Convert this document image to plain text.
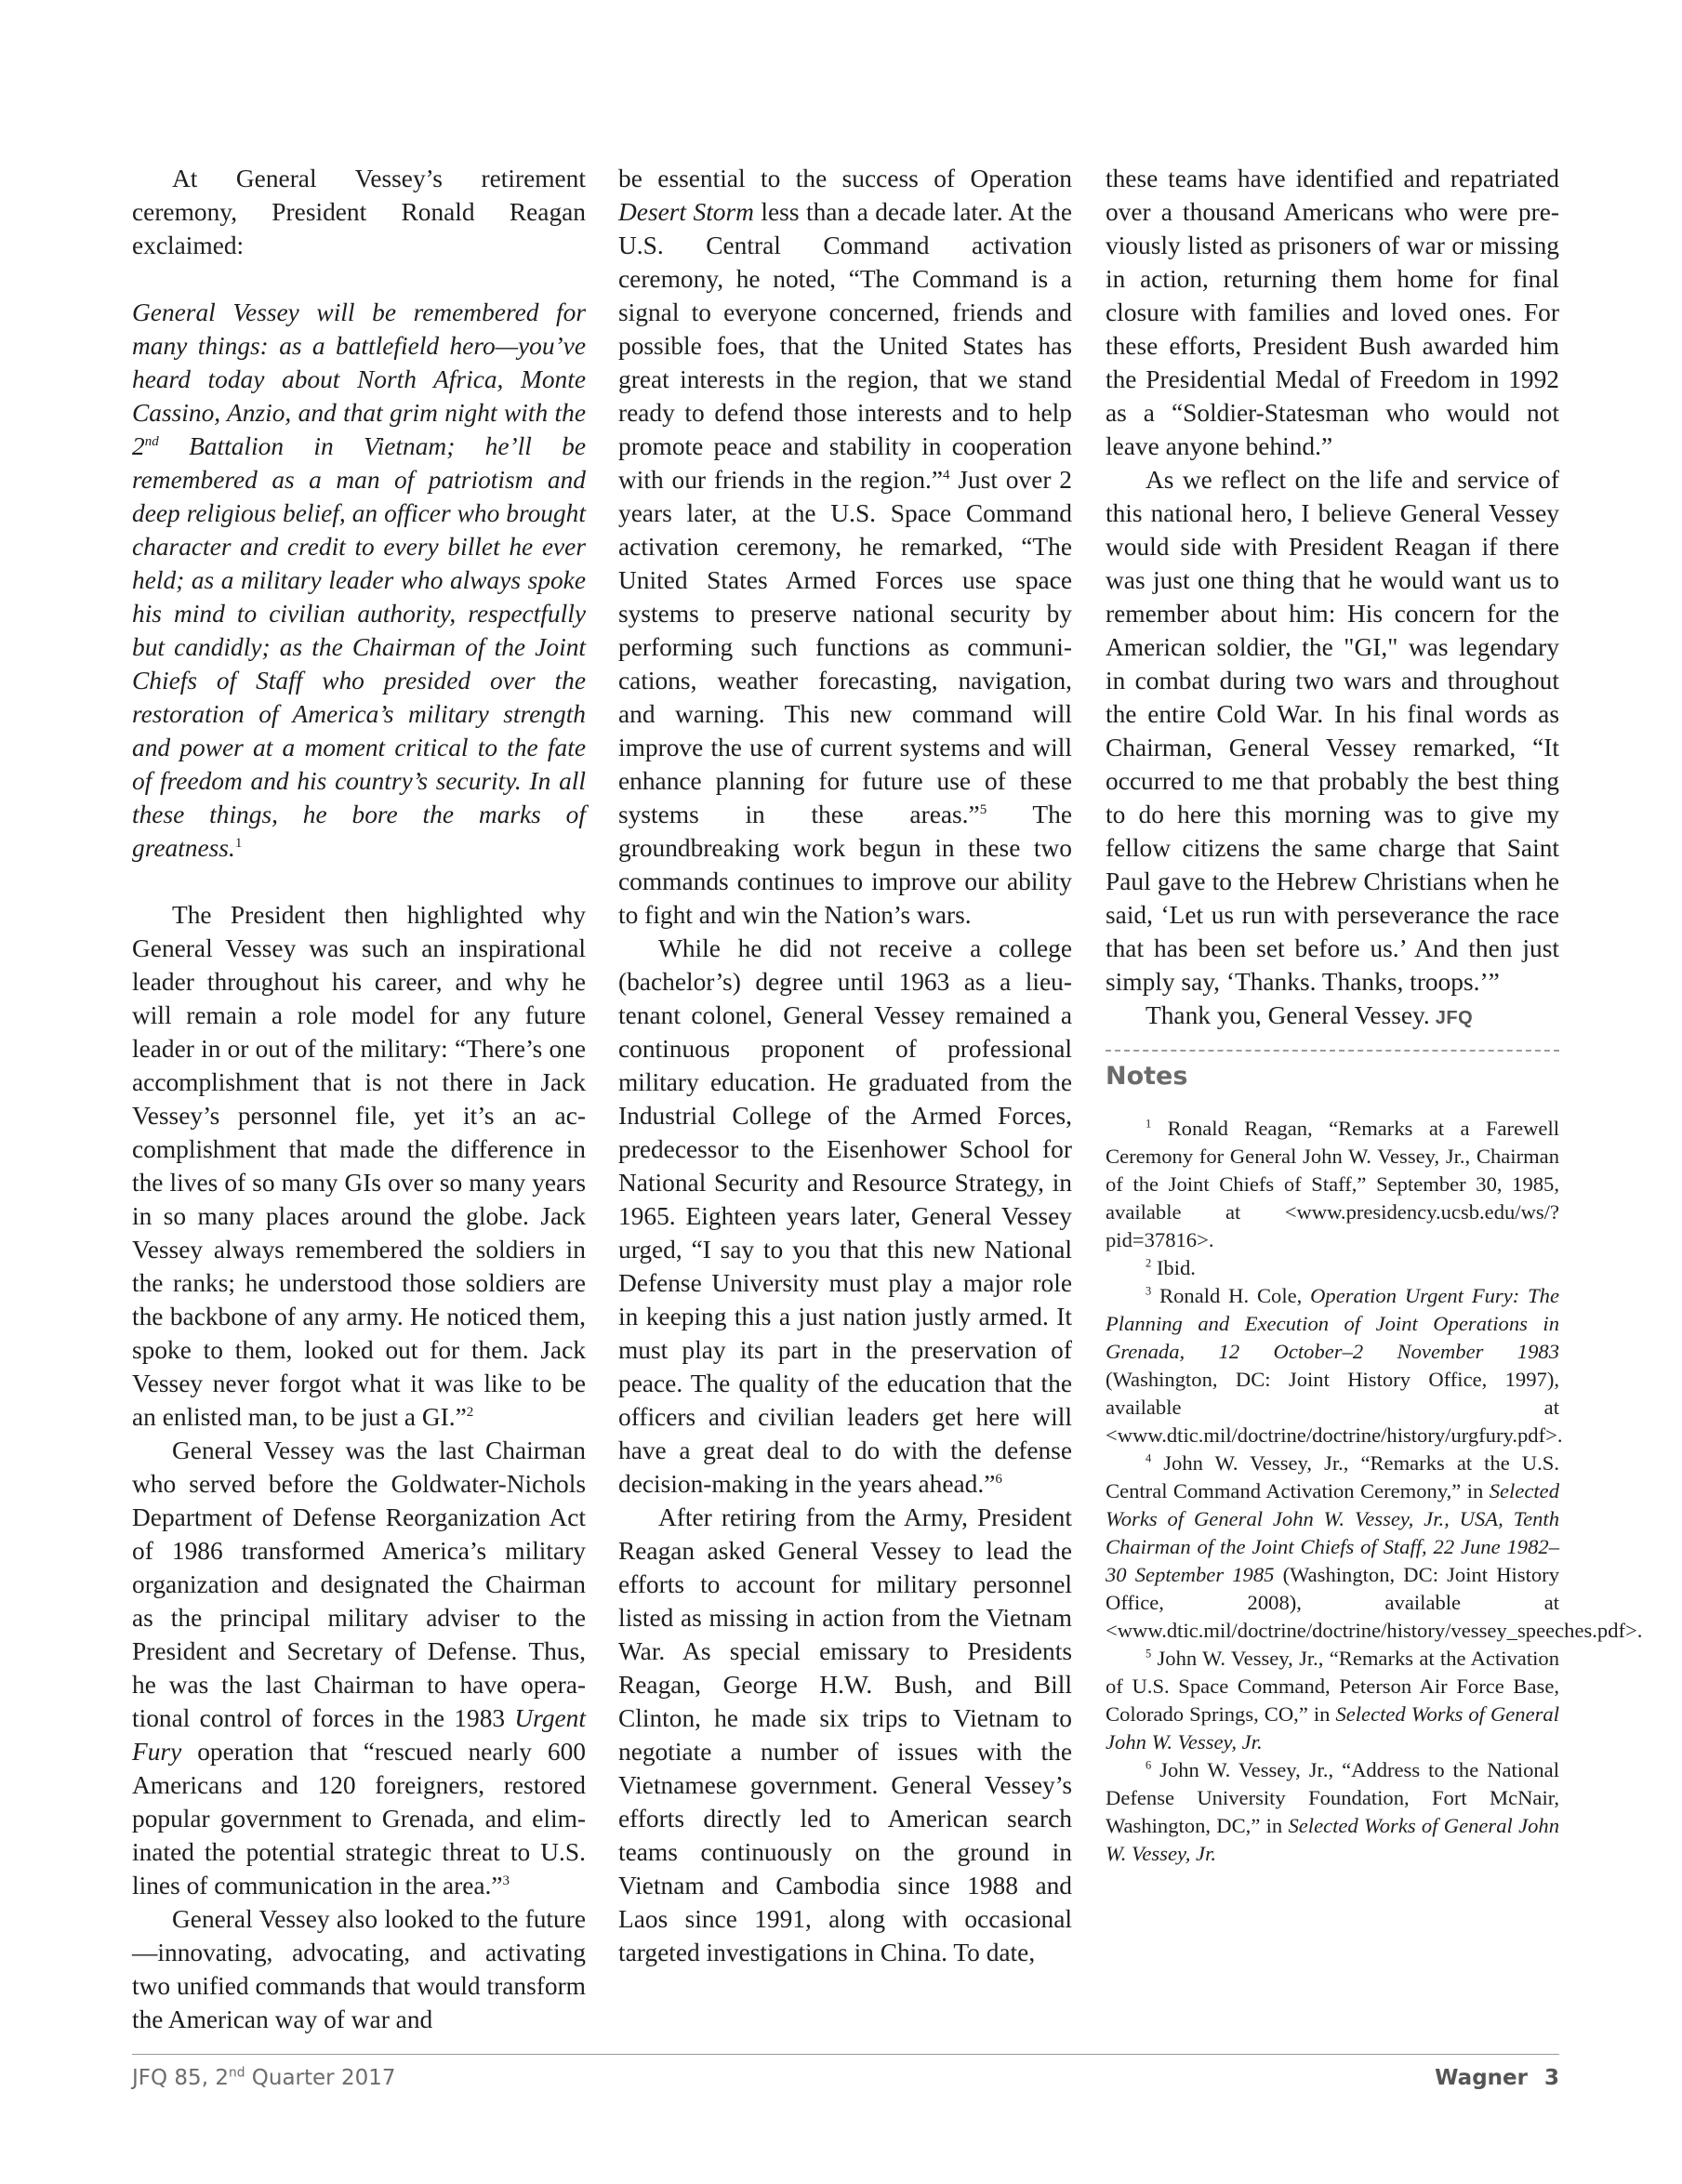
At General Vessey’s retirement ceremony, President Ronald Reagan exclaimed:

General Vessey will be remembered for many things: as a battlefield hero—you’ve heard today about North Africa, Monte Cassino, Anzio, and that grim night with the 2nd Battalion in Vietnam; he’ll be remembered as a man of patriotism and deep religious belief, an officer who brought character and credit to every billet he ever held; as a military leader who always spoke his mind to civilian authority, respectfully but candidly; as the Chairman of the Joint Chiefs of Staff who presided over the restoration of America’s military strength and power at a moment critical to the fate of freedom and his country’s security. In all these things, he bore the marks of greatness.$^1$

The President then highlighted why General Vessey was such an inspirational leader throughout his career, and why he will remain a role model for any future leader in or out of the military: “There’s one accomplishment that is not there in Jack Vessey’s personnel file, yet it’s an accomplishment that made the difference in the lives of so many GIs over so many years in so many places around the globe. Jack Vessey always remembered the soldiers in the ranks; he understood those soldiers are the backbone of any army. He noticed them, spoke to them, looked out for them. Jack Vessey never forgot what it was like to be an enlisted man, to be just a GI.”$^2$

General Vessey was the last Chairman who served before the Goldwater-Nichols Department of Defense Reorganization Act of 1986 transformed America’s military organization and designated the Chairman as the principal military adviser to the President and Secretary of Defense. Thus, he was the last Chairman to have operational control of forces in the 1983 Urgent Fury operation that “rescued nearly 600 Americans and 120 foreigners, restored popular government to Grenada, and eliminated the potential strategic threat to U.S. lines of communication in the area.”$^3$

General Vessey also looked to the future—innovating, advocating, and activating two unified commands that would transform the American way of war and

be essential to the success of Operation Desert Storm less than a decade later. At the U.S. Central Command activation ceremony, he noted, “The Command is a signal to everyone concerned, friends and possible foes, that the United States has great interests in the region, that we stand ready to defend those interests and to help promote peace and stability in cooperation with our friends in the region.”$^4$ Just over 2 years later, at the U.S. Space Command activation ceremony, he remarked, “The United States Armed Forces use space systems to preserve national security by performing such functions as communications, weather forecasting, navigation, and warning. This new command will improve the use of current systems and will enhance planning for future use of these systems in these areas.”$^5$ The groundbreaking work begun in these two commands continues to improve our ability to fight and win the Nation’s wars.

While he did not receive a college (bachelor’s) degree until 1963 as a lieutenant colonel, General Vessey remained a continuous proponent of professional military education. He graduated from the Industrial College of the Armed Forces, predecessor to the Eisenhower School for National Security and Resource Strategy, in 1965. Eighteen years later, General Vessey urged, “I say to you that this new National Defense University must play a major role in keeping this a just nation justly armed. It must play its part in the preservation of peace. The quality of the education that the officers and civilian leaders get here will have a great deal to do with the defense decision-making in the years ahead.”$^6$

After retiring from the Army, President Reagan asked General Vessey to lead the efforts to account for military personnel listed as missing in action from the Vietnam War. As special emissary to Presidents Reagan, George H.W. Bush, and Bill Clinton, he made six trips to Vietnam to negotiate a number of issues with the Vietnamese government. General Vessey’s efforts directly led to American search teams continuously on the ground in Vietnam and Cambodia since 1988 and Laos since 1991, along with occasional targeted investigations in China. To date,

these teams have identified and repatriated over a thousand Americans who were previously listed as prisoners of war or missing in action, returning them home for final closure with families and loved ones. For these efforts, President Bush awarded him the Presidential Medal of Freedom in 1992 as a “Soldier-Statesman who would not leave anyone behind.”

As we reflect on the life and service of this national hero, I believe General Vessey would side with President Reagan if there was just one thing that he would want us to remember about him: His concern for the American soldier, the "GI," was legendary in combat during two wars and throughout the entire Cold War. In his final words as Chairman, General Vessey remarked, “It occurred to me that probably the best thing to do here this morning was to give my fellow citizens the same charge that Saint Paul gave to the Hebrew Christians when he said, ‘Let us run with perseverance the race that has been set before us.’ And then just simply say, ‘Thanks. Thanks, troops.’”

Thank you, General Vessey. JFQ

Notes

$^1$ Ronald Reagan, “Remarks at a Farewell Ceremony for General John W. Vessey, Jr., Chairman of the Joint Chiefs of Staff,” September 30, 1985, available at <www.presidency.ucsb.edu/ws/?pid=37816>.

$^2$ Ibid.

$^3$ Ronald H. Cole, Operation Urgent Fury: The Planning and Execution of Joint Operations in Grenada, 12 October–2 November 1983 (Washington, DC: Joint History Office, 1997), available at <www.dtic.mil/doctrine/doctrine/history/urgfury.pdf>.

$^4$ John W. Vessey, Jr., “Remarks at the U.S. Central Command Activation Ceremony,” in Selected Works of General John W. Vessey, Jr., USA, Tenth Chairman of the Joint Chiefs of Staff, 22 June 1982–30 September 1985 (Washington, DC: Joint History Office, 2008), available at <www.dtic.mil/doctrine/doctrine/history/vessey_speeches.pdf>.

$^5$ John W. Vessey, Jr., “Remarks at the Activation of U.S. Space Command, Peterson Air Force Base, Colorado Springs, CO,” in Selected Works of General John W. Vessey, Jr.

$^6$ John W. Vessey, Jr., “Address to the National Defense University Foundation, Fort McNair, Washington, DC,” in Selected Works of General John W. Vessey, Jr.

JFQ 85, 2nd Quarter 2017	Wagner 3
